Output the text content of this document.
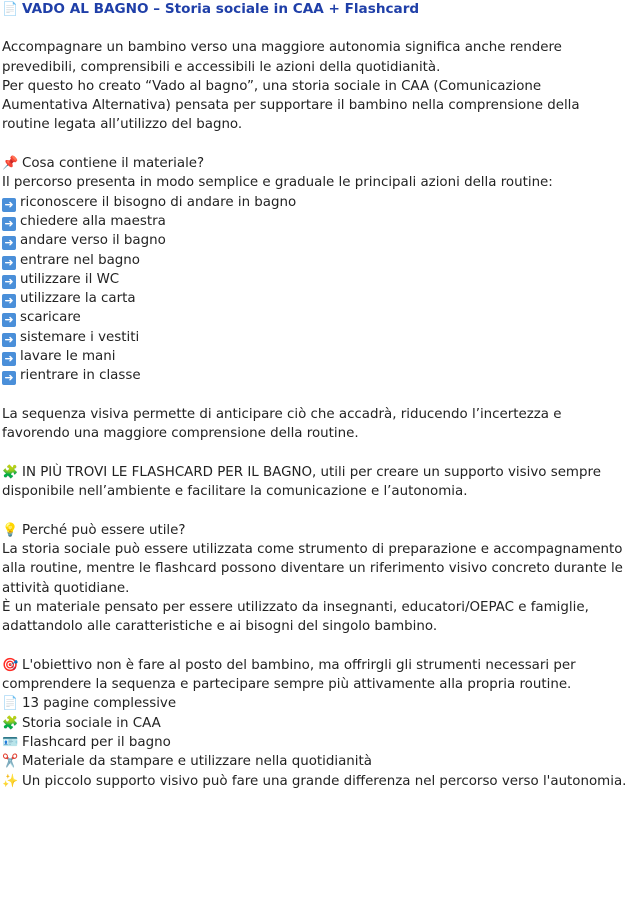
📄 VADO AL BAGNO – Storia sociale in CAA + Flashcard

Accompagnare un bambino verso una maggiore autonomia significa anche rendere prevedibili, comprensibili e accessibili le azioni della quotidianità.

Per questo ho creato “Vado al bagno”, una storia sociale in CAA (Comunicazione Aumentativa Alternativa) pensata per supportare il bambino nella comprensione della routine legata all’utilizzo del bagno.

📌 Cosa contiene il materiale?
Il percorso presenta in modo semplice e graduale le principali azioni della routine:
➜ riconoscere il bisogno di andare in bagno
➜ chiedere alla maestra
➜ andare verso il bagno
➜ entrare nel bagno
➜ utilizzare il WC
➜ utilizzare la carta
➜ scaricare
➜ sistemare i vestiti
➜ lavare le mani
➜ rientrare in classe

La sequenza visiva permette di anticipare ciò che accadrà, riducendo l’incertezza e favorendo una maggiore comprensione della routine.

🧩 IN PIÙ TROVI LE FLASHCARD PER IL BAGNO, utili per creare un supporto visivo sempre disponibile nell’ambiente e facilitare la comunicazione e l’autonomia.

💡 Perché può essere utile?

La storia sociale può essere utilizzata come strumento di preparazione e accompagnamento alla routine, mentre le flashcard possono diventare un riferimento visivo concreto durante le attività quotidiane.

È un materiale pensato per essere utilizzato da insegnanti, educatori/OEPAC e famiglie, adattandolo alle caratteristiche e ai bisogni del singolo bambino.

🎯 L'obiettivo non è fare al posto del bambino, ma offrirgli gli strumenti necessari per comprendere la sequenza e partecipare sempre più attivamente alla propria routine.

📄 13 pagine complessive
🧩 Storia sociale in CAA
🪪 Flashcard per il bagno
✂️ Materiale da stampare e utilizzare nella quotidianità
✨ Un piccolo supporto visivo può fare una grande differenza nel percorso verso l'autonomia.
